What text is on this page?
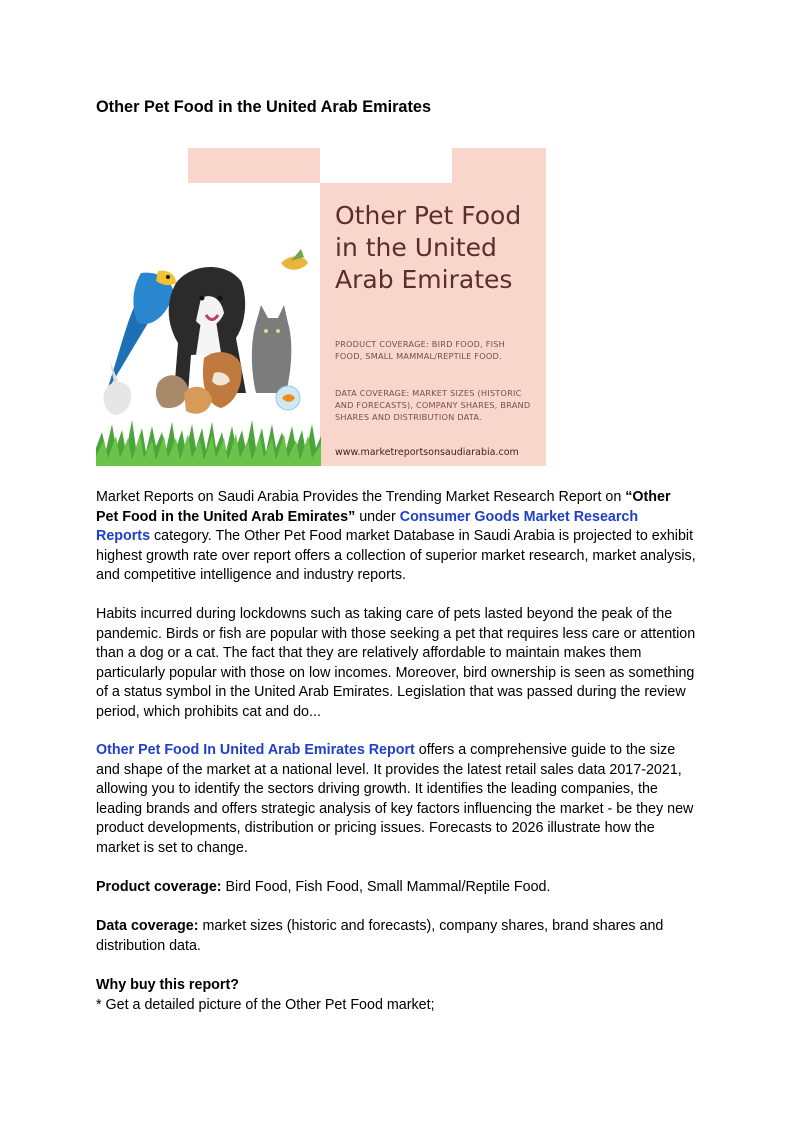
Other Pet Food in the United Arab Emirates
Other Pet Food in the United Arab Emirates
PRODUCT COVERAGE: BIRD FOOD, FISH FOOD, SMALL MAMMAL/REPTILE FOOD.
DATA COVERAGE: MARKET SIZES (HISTORIC AND FORECASTS), COMPANY SHARES, BRAND SHARES AND DISTRIBUTION DATA.
www.marketreportsonsaudiarabia.com

Market Reports on Saudi Arabia Provides the Trending Market Research Report on “Other Pet Food in the United Arab Emirates” under Consumer Goods Market Research Reports category. The Other Pet Food market Database in Saudi Arabia is projected to exhibit highest growth rate over report offers a collection of superior market research, market analysis, and competitive intelligence and industry reports.

Habits incurred during lockdowns such as taking care of pets lasted beyond the peak of the pandemic. Birds or fish are popular with those seeking a pet that requires less care or attention than a dog or a cat. The fact that they are relatively affordable to maintain makes them particularly popular with those on low incomes. Moreover, bird ownership is seen as something of a status symbol in the United Arab Emirates. Legislation that was passed during the review period, which prohibits cat and do...

Other Pet Food In United Arab Emirates Report offers a comprehensive guide to the size and shape of the market at a national level. It provides the latest retail sales data 2017-2021, allowing you to identify the sectors driving growth. It identifies the leading companies, the leading brands and offers strategic analysis of key factors influencing the market - be they new product developments, distribution or pricing issues. Forecasts to 2026 illustrate how the market is set to change.

Product coverage: Bird Food, Fish Food, Small Mammal/Reptile Food.

Data coverage: market sizes (historic and forecasts), company shares, brand shares and distribution data.

Why buy this report?
* Get a detailed picture of the Other Pet Food market;
